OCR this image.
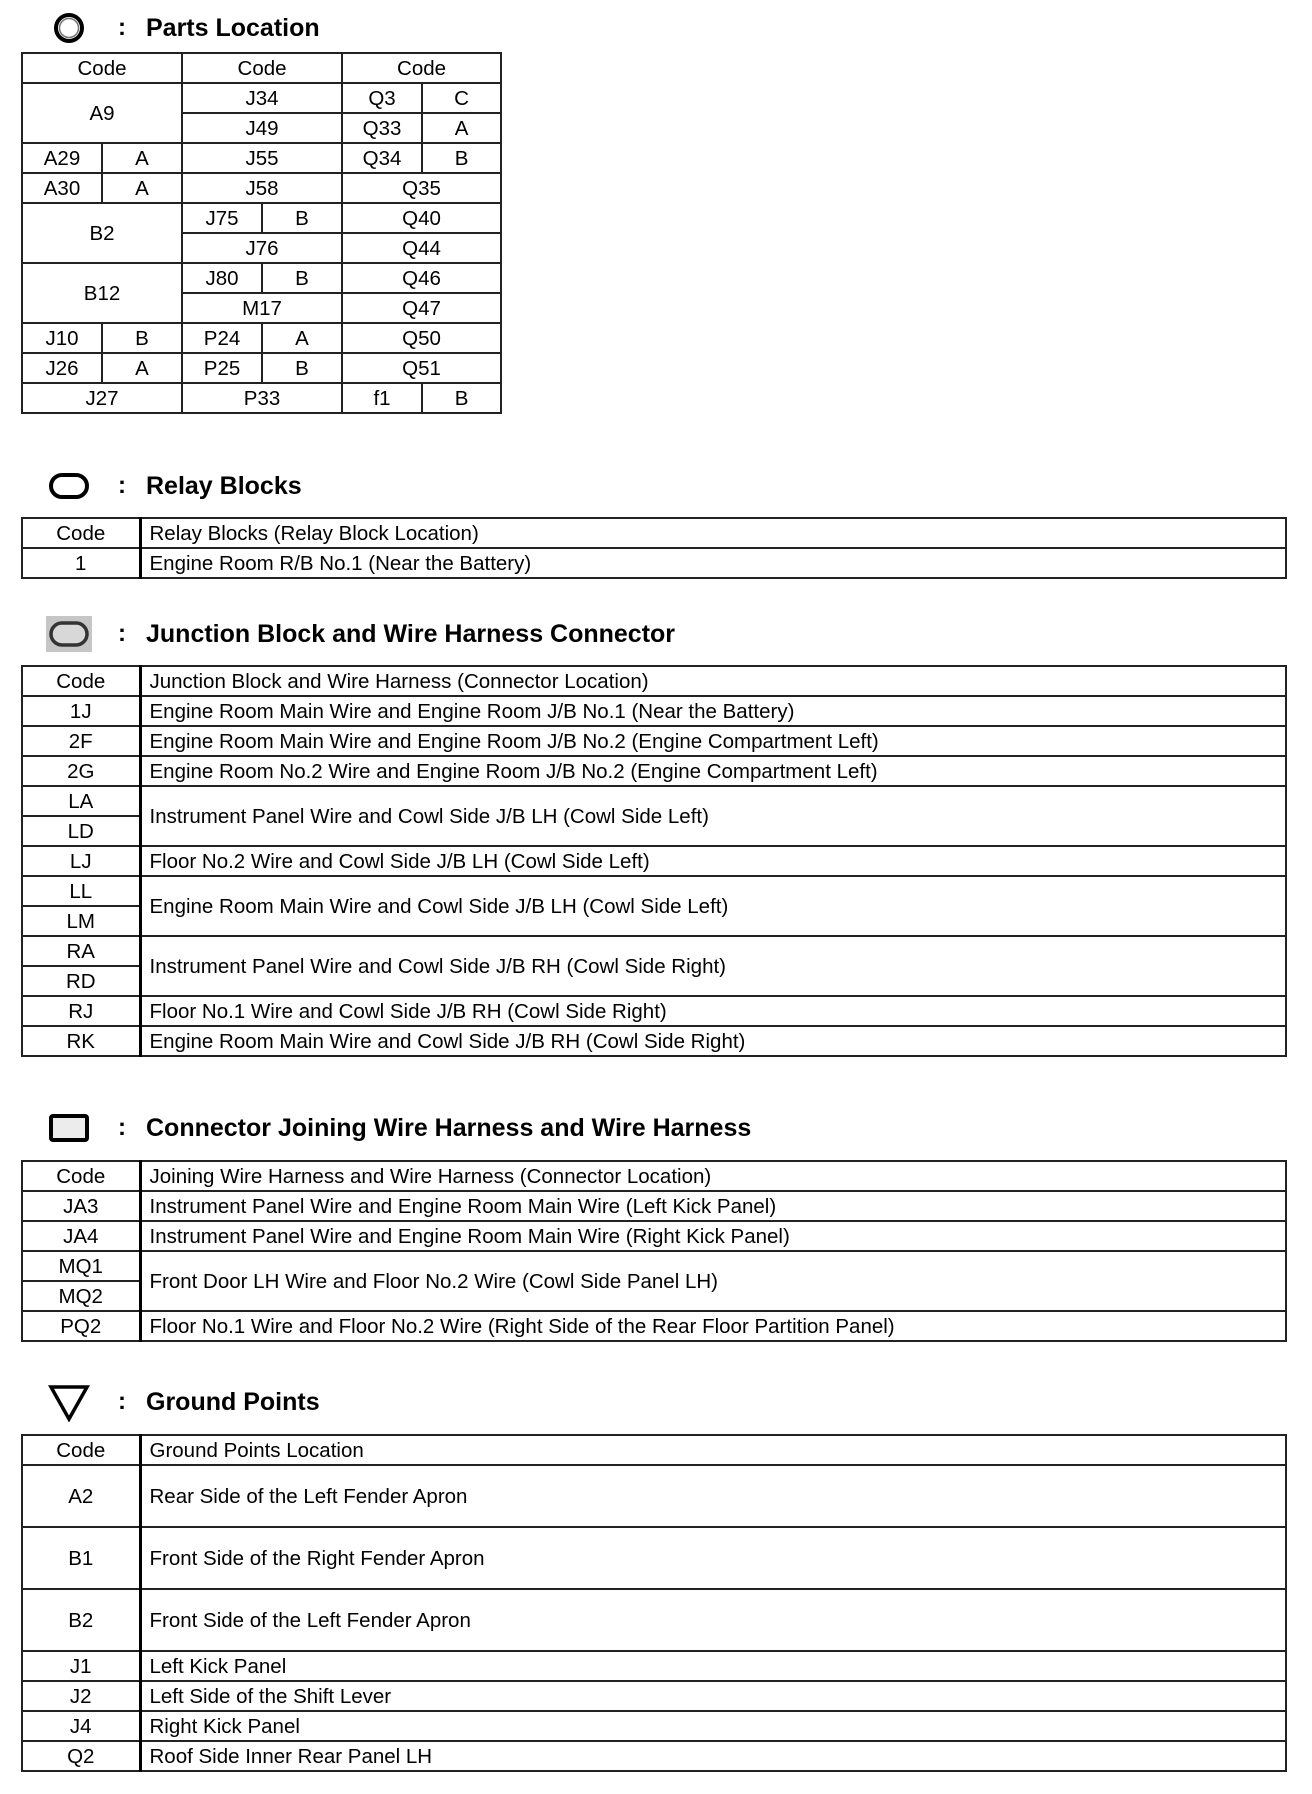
: Parts Location
Code		Code		Code	
A9		J34		Q3	C
		J49		Q33	A
A29	A	J55		Q34	B
A30	A	J58		Q35	
B2		J75	B	Q40	
		J76		Q44	
B12		J80	B	Q46	
		M17		Q47	
J10	B	P24	A	Q50	
J26	A	P25	B	Q51	
J27		P33		f1	B
: Relay Blocks
Code	Relay Blocks (Relay Block Location)
1	Engine Room R/B No.1 (Near the Battery)
: Junction Block and Wire Harness Connector
Code	Junction Block and Wire Harness (Connector Location)
1J	Engine Room Main Wire and Engine Room J/B No.1 (Near the Battery)
2F	Engine Room Main Wire and Engine Room J/B No.2 (Engine Compartment Left)
2G	Engine Room No.2 Wire and Engine Room J/B No.2 (Engine Compartment Left)
LA	Instrument Panel Wire and Cowl Side J/B LH (Cowl Side Left)
LD	
LJ	Floor No.2 Wire and Cowl Side J/B LH (Cowl Side Left)
LL	Engine Room Main Wire and Cowl Side J/B LH (Cowl Side Left)
LM	
RA	Instrument Panel Wire and Cowl Side J/B RH (Cowl Side Right)
RD	
RJ	Floor No.1 Wire and Cowl Side J/B RH (Cowl Side Right)
RK	Engine Room Main Wire and Cowl Side J/B RH (Cowl Side Right)
: Connector Joining Wire Harness and Wire Harness
Code	Joining Wire Harness and Wire Harness (Connector Location)
JA3	Instrument Panel Wire and Engine Room Main Wire (Left Kick Panel)
JA4	Instrument Panel Wire and Engine Room Main Wire (Right Kick Panel)
MQ1	Front Door LH Wire and Floor No.2 Wire (Cowl Side Panel LH)
MQ2	
PQ2	Floor No.1 Wire and Floor No.2 Wire (Right Side of the Rear Floor Partition Panel)
: Ground Points
Code	Ground Points Location
A2	Rear Side of the Left Fender Apron
B1	Front Side of the Right Fender Apron
B2	Front Side of the Left Fender Apron
J1	Left Kick Panel
J2	Left Side of the Shift Lever
J4	Right Kick Panel
Q2	Roof Side Inner Rear Panel LH
